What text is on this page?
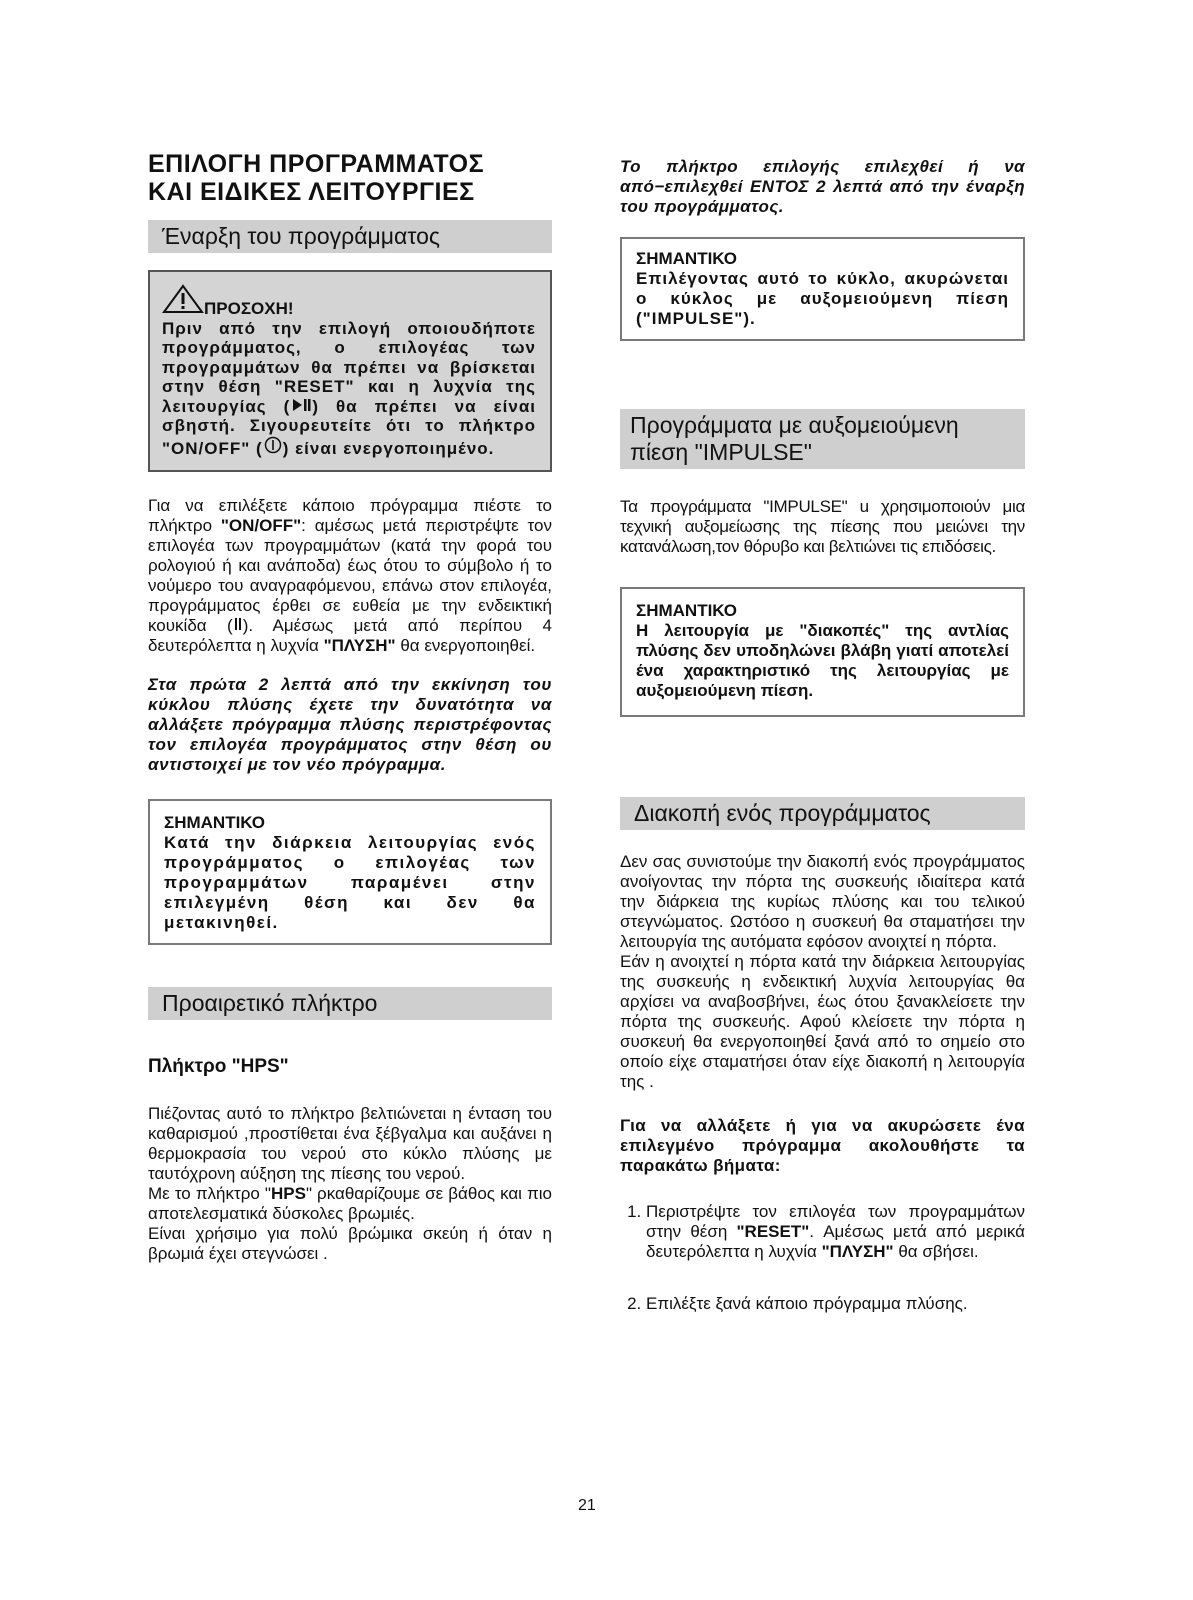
ΕΠΙΛΟΓΗ ΠΡΟΓΡΑΜΜΑΤΟΣ
ΚΑΙ ΕΙΔΙΚΕΣ ΛΕΙΤΟΥΡΓΙΕΣ
Έναρξη του προγράμματος
ΠΡΟΣΟΧΗ!
Πριν από την επιλογή οποιουδήποτε προγράμματος, ο επιλογέας των προγραμμάτων θα πρέπει να βρίσκεται στην θέση "RESET" και η λυχνία της λειτουργίας ( ) θα πρέπει να είναι σβηστή. Σιγουρευτείτε ότι το πλήκτρο "ON/OFF" ( ) είναι ενεργοποιημένο.

Για να επιλέξετε κάποιο πρόγραμμα πιέστε το πλήκτρο "ON/OFF": αμέσως μετά περιστρέψτε τον επιλογέα των προγραμμάτων (κατά την φορά του ρολογιού ή και ανάποδα) έως ότου το σύμβολο ή το νούμερο του αναγραφόμενου, επάνω στον επιλογέα, προγράμματος έρθει σε ευθεία με την ενδεικτική κουκίδα ( ). Αμέσως μετά από περίπου 4 δευτερόλεπτα η λυχνία "ΠΛΥΣΗ" θα ενεργοποιηθεί.

Στα πρώτα 2 λεπτά από την εκκίνηση του κύκλου πλύσης έχετε την δυνατότητα να αλλάξετε πρόγραμμα πλύσης περιστρέφοντας τον επιλογέα προγράμματος στην θέση ου αντιστοιχεί με τον νέο πρόγραμμα.

ΣΗΜΑΝΤΙΚΟ
Κατά την διάρκεια λειτουργίας ενός προγράμματος ο επιλογέας των προγραμμάτων παραμένει στην επιλεγμένη θέση και δεν θα μετακινηθεί.
Προαιρετικό πλήκτρο
Πλήκτρο "HPS"

Πιέζοντας αυτό το πλήκτρο βελτιώνεται η ένταση του καθαρισμού ,προστίθεται ένα ξέβγαλμα και αυξάνει η θερμοκρασία του νερού στο κύκλο πλύσης με ταυτόχρονη αύξηση της πίεσης του νερού.

Με το πλήκτρο "HPS" ρκαθαρίζουμε σε βάθος και πιο αποτελεσματικά δύσκολες βρωμιές.

Είναι χρήσιμο για πολύ βρώμικα σκεύη ή όταν η βρωμιά έχει στεγνώσει .

Το πλήκτρο επιλογής επιλεχθεί ή να από−επιλεχθεί ΕΝΤΟΣ 2 λεπτά από την έναρξη του προγράμματος.

ΣΗΜΑΝΤΙΚΟ
Επιλέγοντας αυτό το κύκλο, ακυρώνεται ο κύκλος με αυξομειούμενη πίεση ("IMPULSE").
Προγράμματα με αυξομειούμενη πίεση "IMPULSE"

Τα προγράμματα "IMPULSE" u χρησιμοποιούν μια τεχνική αυξομείωσης της πίεσης που μειώνει την κατανάλωση,τον θόρυβο και βελτιώνει τις επιδόσεις.

ΣΗΜΑΝΤΙΚΟ
Η λειτουργία με "διακοπές" της αντλίας πλύσης δεν υποδηλώνει βλάβη γιατί αποτελεί ένα χαρακτηριστικό της λειτουργίας με αυξομειούμενη πίεση.
Διακοπή ενός προγράμματος

Δεν σας συνιστούμε την διακοπή ενός προγράμματος ανοίγοντας την πόρτα της συσκευής ιδιαίτερα κατά την διάρκεια της κυρίως πλύσης και του τελικού στεγνώματος. Ωστόσο η συσκευή θα σταματήσει την λειτουργία της αυτόματα εφόσον ανοιχτεί η πόρτα.

Εάν η ανοιχτεί η πόρτα κατά την διάρκεια λειτουργίας της συσκευής η ενδεικτική λυχνία λειτουργίας θα αρχίσει να αναβοσβήνει, έως ότου ξανακλείσετε την πόρτα της συσκευής. Αφού κλείσετε την πόρτα η συσκευή θα ενεργοποιηθεί ξανά από το σημείο στο οποίο είχε σταματήσει όταν είχε διακοπή η λειτουργία της .

Για να αλλάξετε ή για να ακυρώσετε ένα επιλεγμένο πρόγραμμα ακολουθήστε τα παρακάτω βήματα:

1. Περιστρέψτε τον επιλογέα των προγραμμάτων στην θέση "RESET". Αμέσως μετά από μερικά δευτερόλεπτα η λυχνία "ΠΛΥΣΗ" θα σβήσει.
2. Επιλέξτε ξανά κάποιο πρόγραμμα πλύσης.
21
